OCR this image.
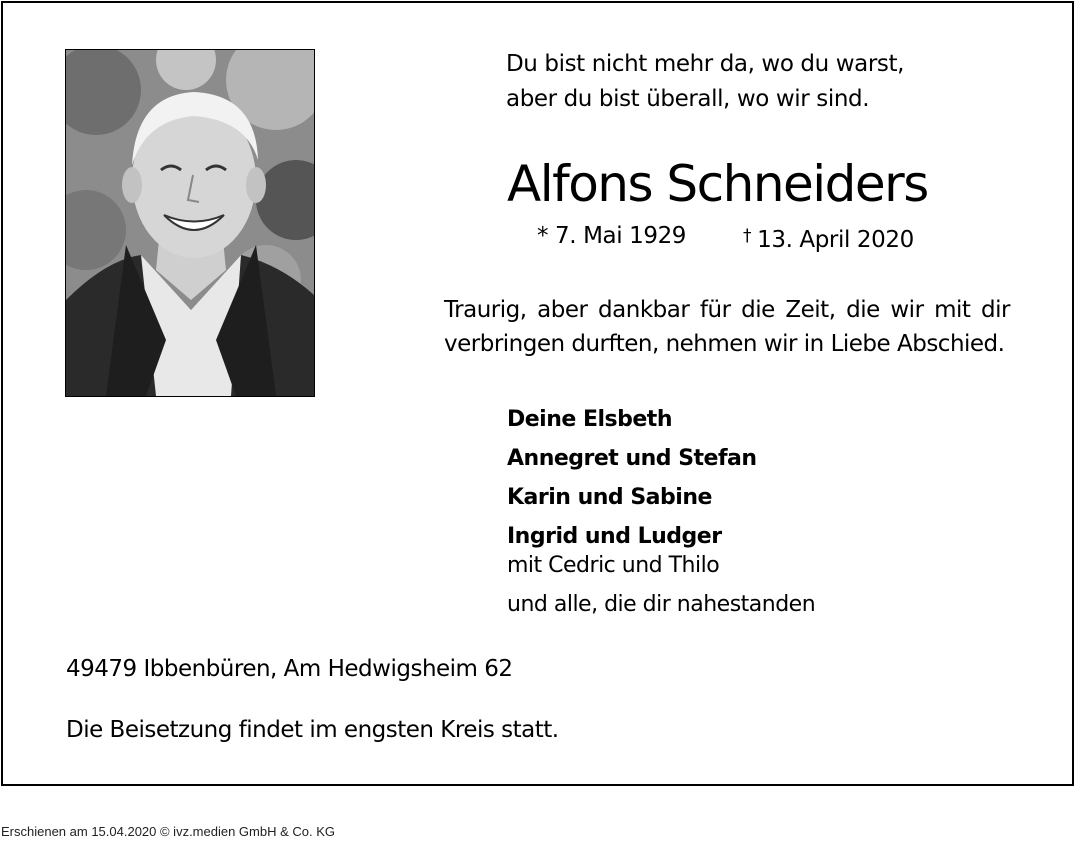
Du bist nicht mehr da, wo du warst,
aber du bist überall, wo wir sind.
Alfons Schneiders
* 7. Mai 1929	† 13. April 2020
Traurig, aber dankbar für die Zeit, die wir mit dir
verbringen durften, nehmen wir in Liebe Abschied.
Deine Elsbeth
Annegret und Stefan
Karin und Sabine
Ingrid und Ludger
mit Cedric und Thilo
und alle, die dir nahestanden
49479 Ibbenbüren, Am Hedwigsheim 62
Die Beisetzung findet im engsten Kreis statt.
Erschienen am 15.04.2020 © ivz.medien GmbH & Co. KG
